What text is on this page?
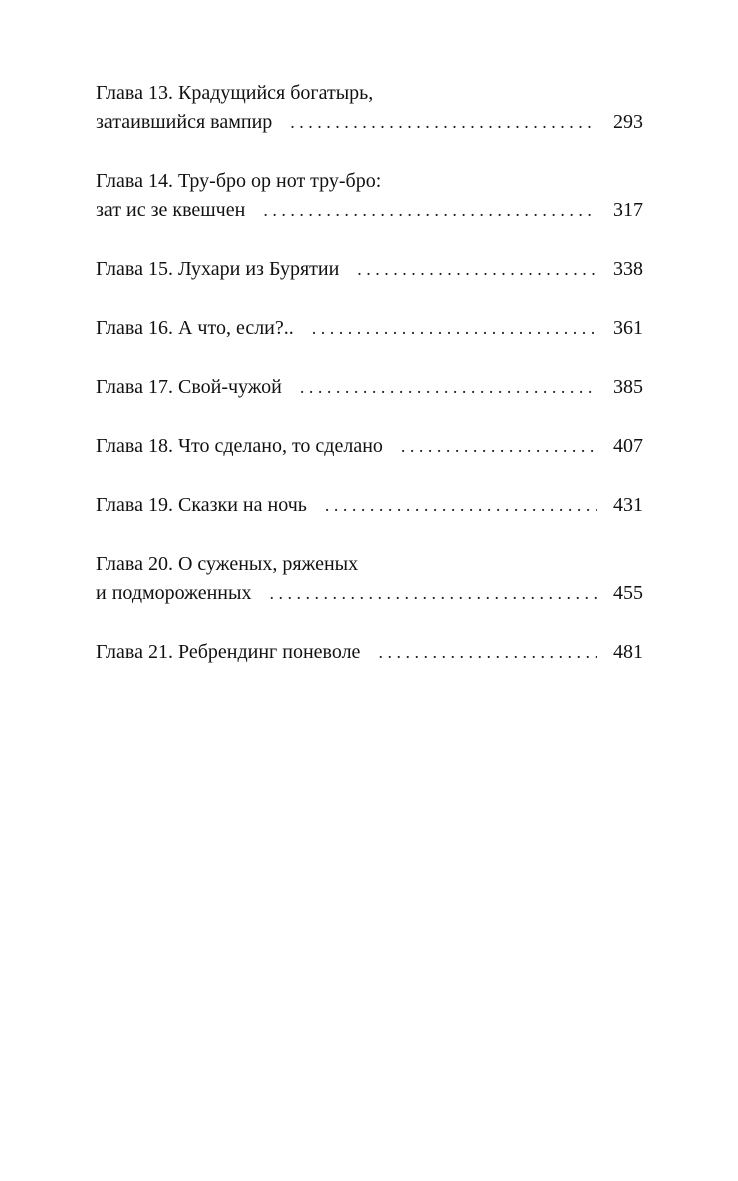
Глава 13. Крадущийся богатырь,
затаившийся вампир . . .	293
Глава 14. Тру-бро ор нот тру-бро:
зат ис зе квешчен . . .	317
Глава 15. Лухари из Бурятии . . .	338
Глава 16. А что, если?.. . . .	361
Глава 17. Свой-чужой . . .	385
Глава 18. Что сделано, то сделано . . .	407
Глава 19. Сказки на ночь . . .	431
Глава 20. О суженых, ряженых
и подмороженных . . .	455
Глава 21. Ребрендинг поневоле . . .	481
